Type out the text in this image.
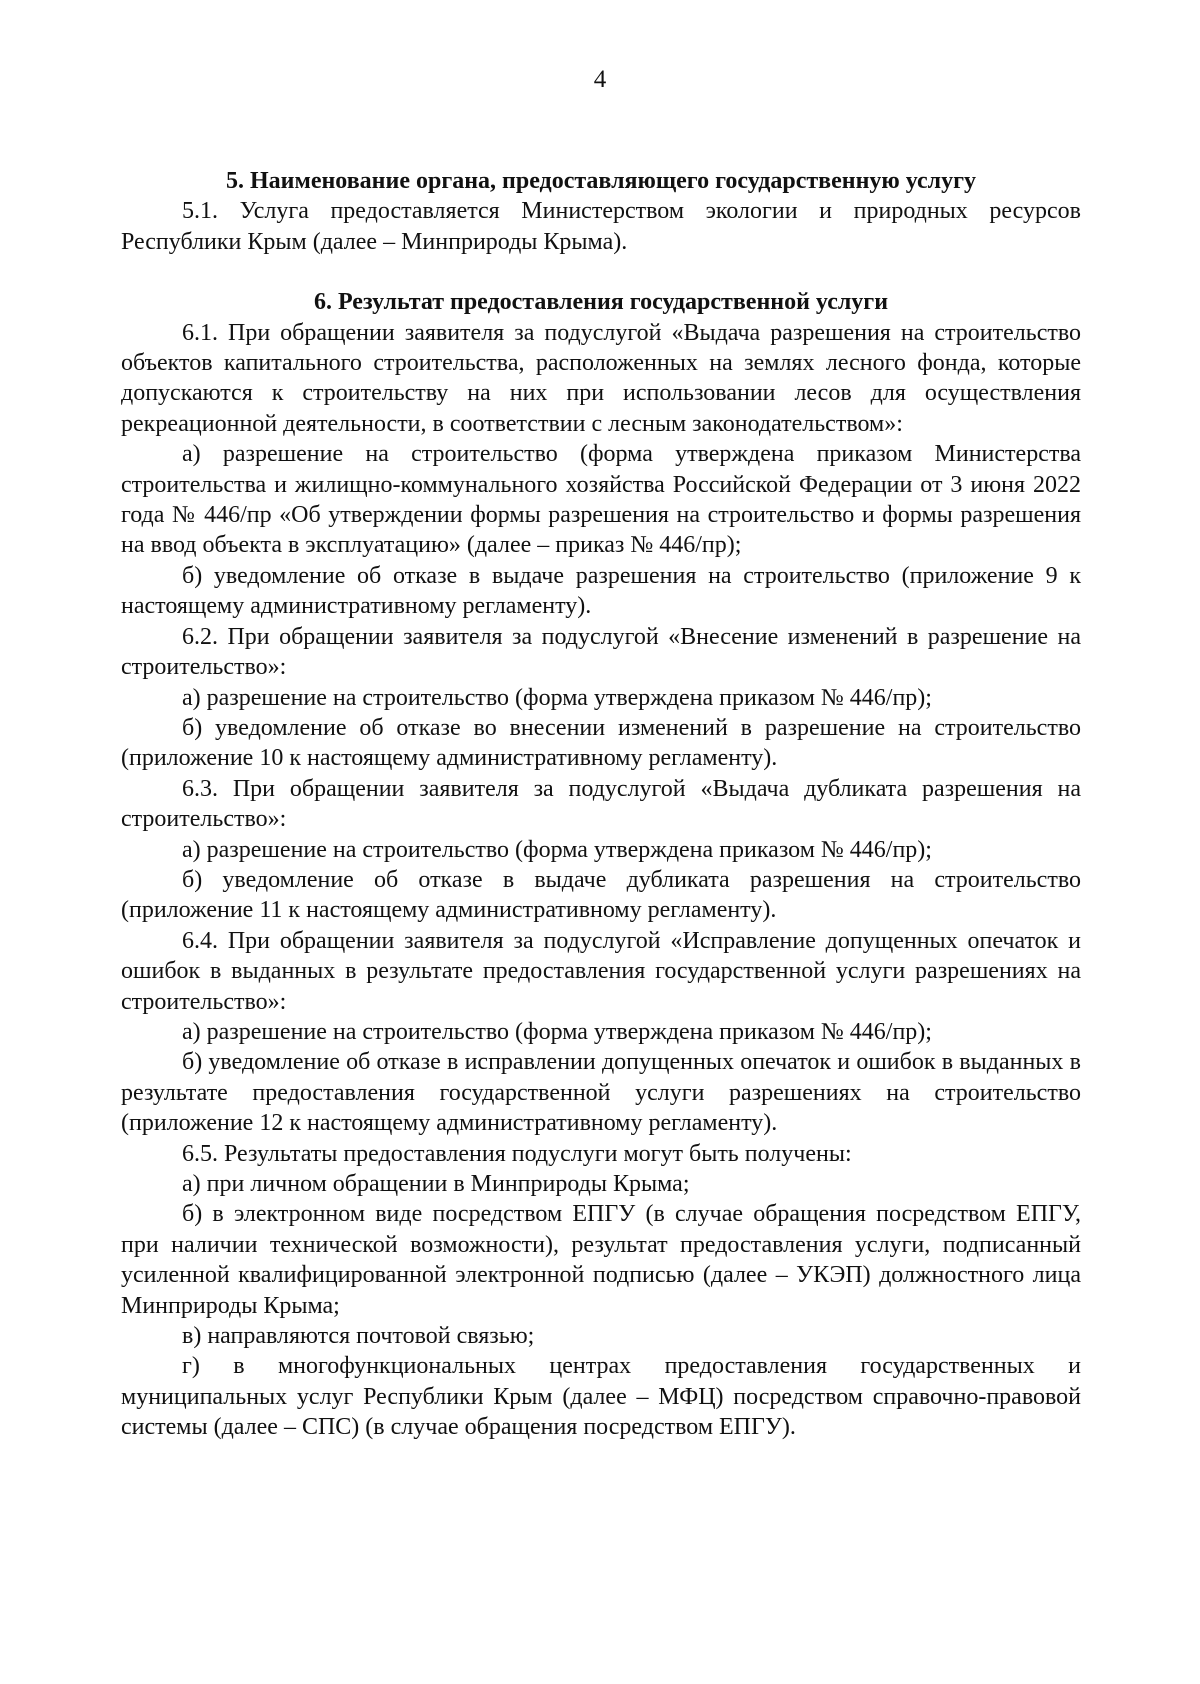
4

5. Наименование органа, предоставляющего государственную услугу

5.1. Услуга предоставляется Министерством экологии и природных ресурсов Республики Крым (далее – Минприроды Крыма).

6. Результат предоставления государственной услуги

6.1. При обращении заявителя за подуслугой «Выдача разрешения на строительство объектов капитального строительства, расположенных на землях лесного фонда, которые допускаются к строительству на них при использовании лесов для осуществления рекреационной деятельности, в соответствии с лесным законодательством»:

а) разрешение на строительство (форма утверждена приказом Министерства строительства и жилищно-коммунального хозяйства Российской Федерации от 3 июня 2022 года № 446/пр «Об утверждении формы разрешения на строительство и формы разрешения на ввод объекта в эксплуатацию» (далее – приказ № 446/пр);

б) уведомление об отказе в выдаче разрешения на строительство (приложение 9 к настоящему административному регламенту).

6.2. При обращении заявителя за подуслугой «Внесение изменений в разрешение на строительство»:

а) разрешение на строительство (форма утверждена приказом № 446/пр);

б) уведомление об отказе во внесении изменений в разрешение на строительство (приложение 10 к настоящему административному регламенту).

6.3. При обращении заявителя за подуслугой «Выдача дубликата разрешения на строительство»:

а) разрешение на строительство (форма утверждена приказом № 446/пр);

б) уведомление об отказе в выдаче дубликата разрешения на строительство (приложение 11 к настоящему административному регламенту).

6.4. При обращении заявителя за подуслугой «Исправление допущенных опечаток и ошибок в выданных в результате предоставления государственной услуги разрешениях на строительство»:

а) разрешение на строительство (форма утверждена приказом № 446/пр);

б) уведомление об отказе в исправлении допущенных опечаток и ошибок в выданных в результате предоставления государственной услуги разрешениях на строительство (приложение 12 к настоящему административному регламенту).

6.5. Результаты предоставления подуслуги могут быть получены:

а) при личном обращении в Минприроды Крыма;

б) в электронном виде посредством ЕПГУ (в случае обращения посредством ЕПГУ, при наличии технической возможности), результат предоставления услуги, подписанный усиленной квалифицированной электронной подписью (далее – УКЭП) должностного лица Минприроды Крыма;

в) направляются почтовой связью;

г) в многофункциональных центрах предоставления государственных и муниципальных услуг Республики Крым (далее – МФЦ) посредством справочно-правовой системы (далее – СПС) (в случае обращения посредством ЕПГУ).
